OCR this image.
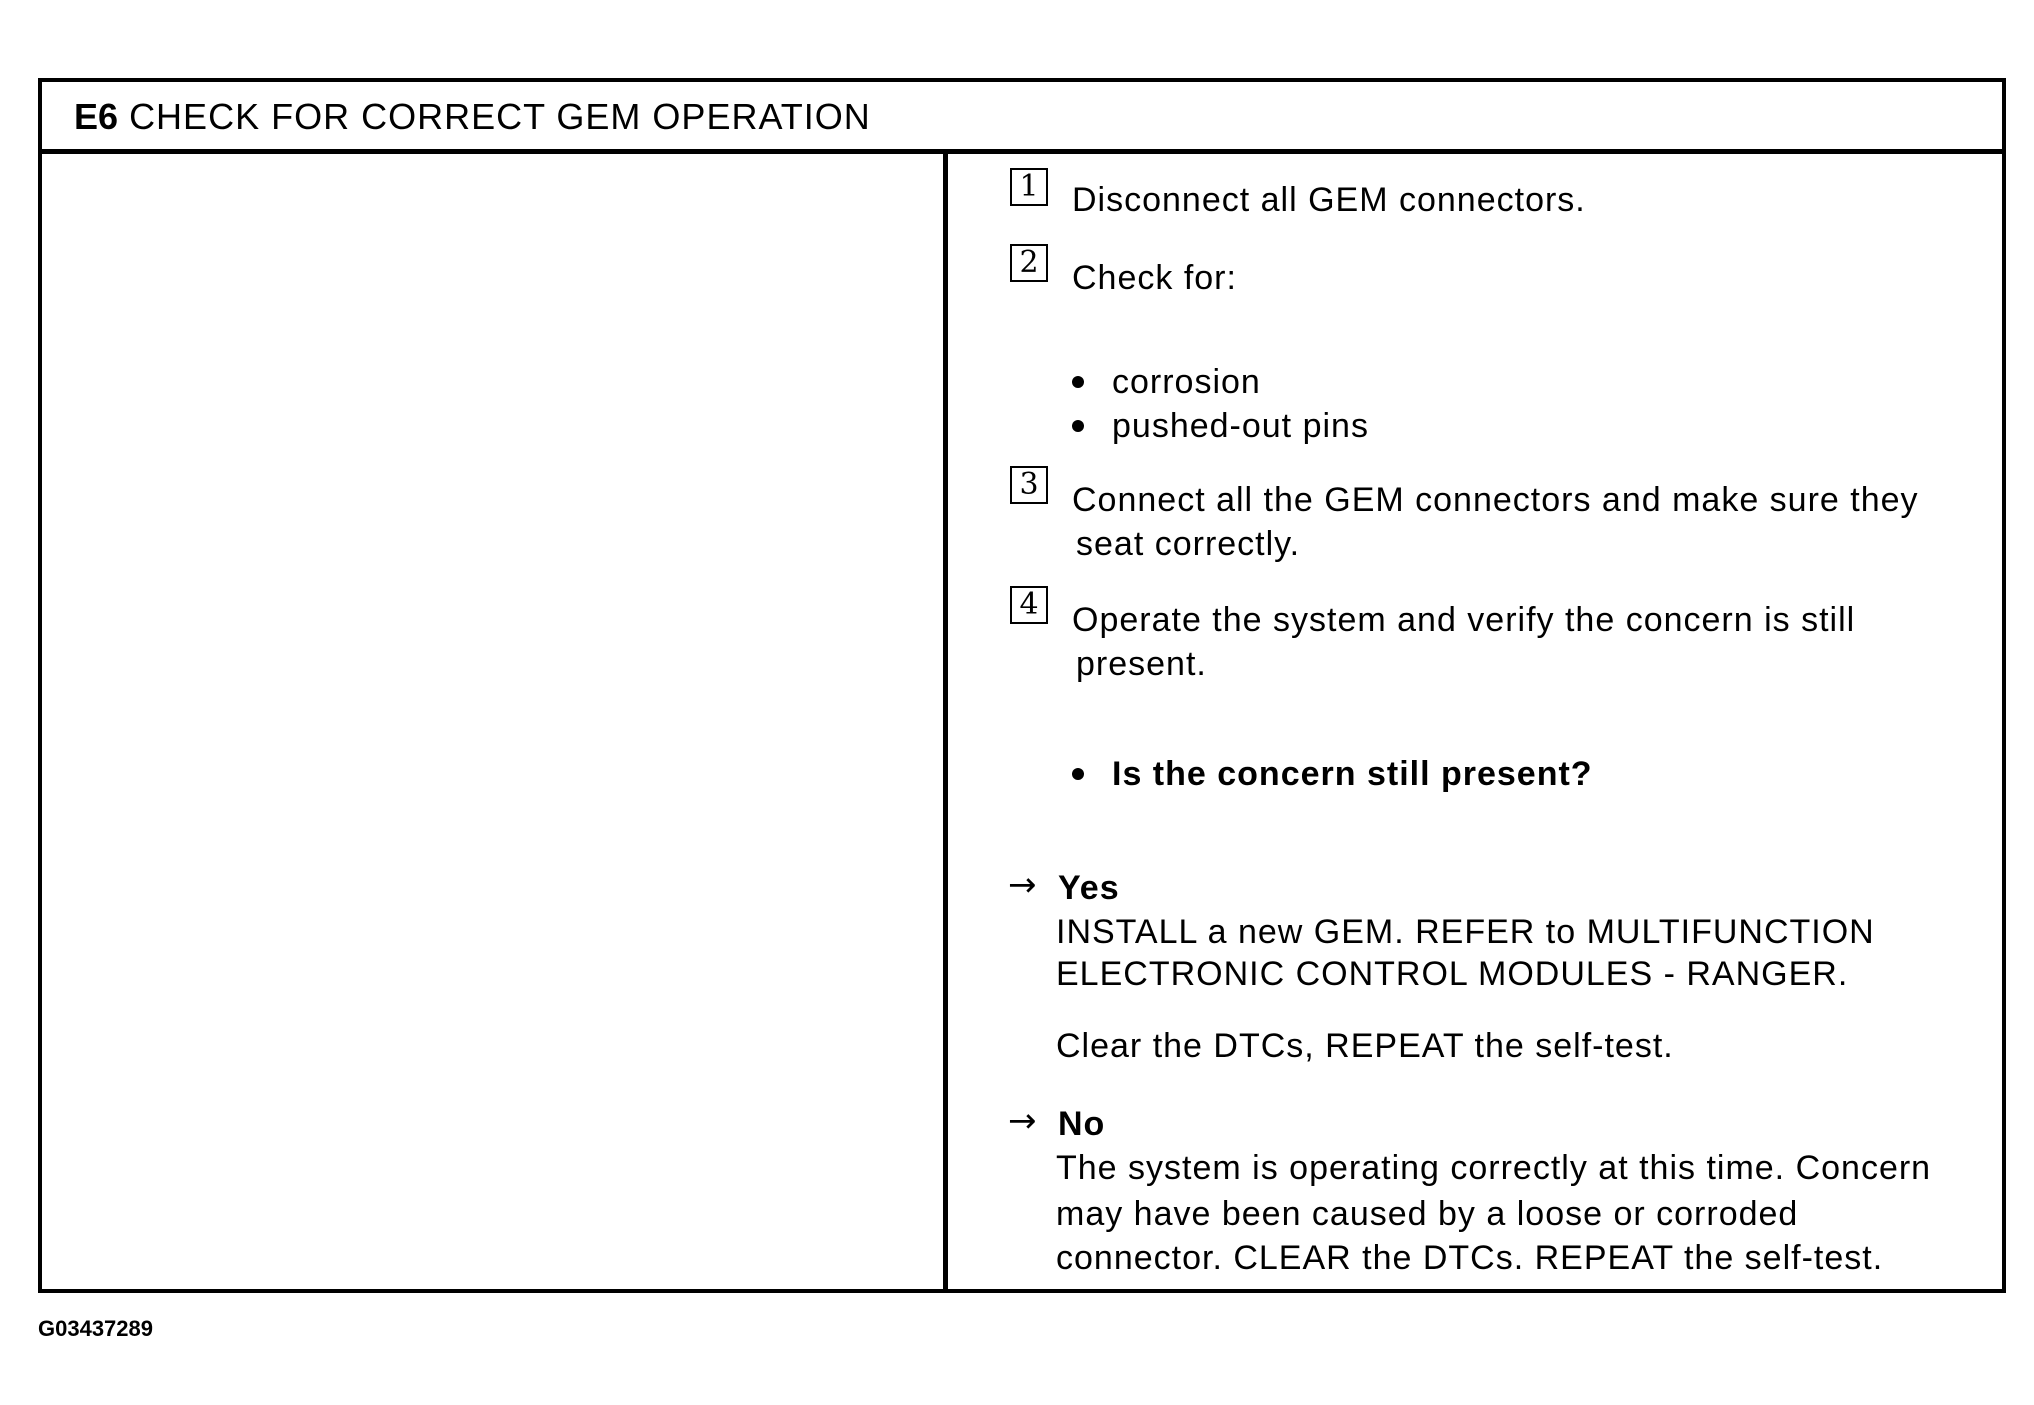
E6 CHECK FOR CORRECT GEM OPERATION
1 Disconnect all GEM connectors.
2 Check for:
corrosion
pushed-out pins
3 Connect all the GEM connectors and make sure they
seat correctly.
4 Operate the system and verify the concern is still
present.
Is the concern still present?
→ Yes
INSTALL a new GEM. REFER to MULTIFUNCTION
ELECTRONIC CONTROL MODULES - RANGER.
Clear the DTCs, REPEAT the self-test.
→ No
The system is operating correctly at this time. Concern
may have been caused by a loose or corroded
connector. CLEAR the DTCs. REPEAT the self-test.
G03437289
